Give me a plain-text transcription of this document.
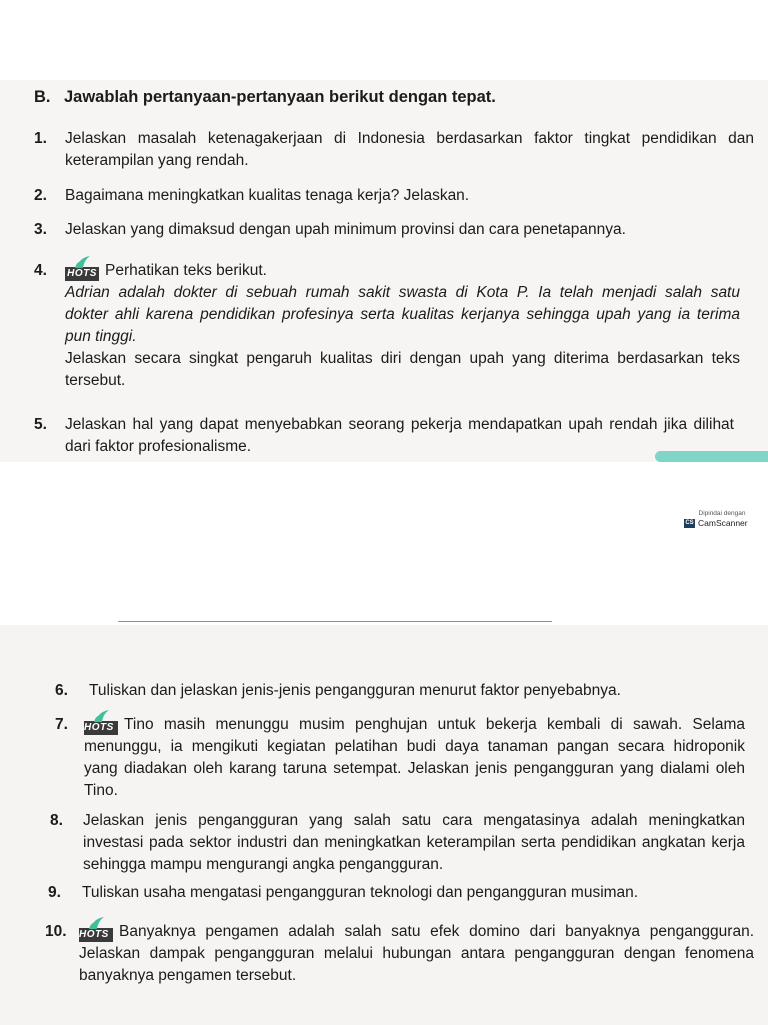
B. Jawablah pertanyaan-pertanyaan berikut dengan tepat.
1. Jelaskan masalah ketenagakerjaan di Indonesia berdasarkan faktor tingkat pendidikan dan
keterampilan yang rendah.
2. Bagaimana meningkatkan kualitas tenaga kerja? Jelaskan.
3. Jelaskan yang dimaksud dengan upah minimum provinsi dan cara penetapannya.
4. HOTS Perhatikan teks berikut.
Adrian adalah dokter di sebuah rumah sakit swasta di Kota P. Ia telah menjadi salah satu
dokter ahli karena pendidikan profesinya serta kualitas kerjanya sehingga upah yang ia terima
pun tinggi.
Jelaskan secara singkat pengaruh kualitas diri dengan upah yang diterima berdasarkan teks
tersebut.
5. Jelaskan hal yang dapat menyebabkan seorang pekerja mendapatkan upah rendah jika dilihat
dari faktor profesionalisme.
Dipindai dengan
CS CamScanner
6. Tuliskan dan jelaskan jenis-jenis pengangguran menurut faktor penyebabnya.
7. HOTS Tino masih menunggu musim penghujan untuk bekerja kembali di sawah. Selama
menunggu, ia mengikuti kegiatan pelatihan budi daya tanaman pangan secara hidroponik
yang diadakan oleh karang taruna setempat. Jelaskan jenis pengangguran yang dialami oleh
Tino.
8. Jelaskan jenis pengangguran yang salah satu cara mengatasinya adalah meningkatkan
investasi pada sektor industri dan meningkatkan keterampilan serta pendidikan angkatan kerja
sehingga mampu mengurangi angka pengangguran.
9. Tuliskan usaha mengatasi pengangguran teknologi dan pengangguran musiman.
10. HOTS Banyaknya pengamen adalah salah satu efek domino dari banyaknya pengangguran.
Jelaskan dampak pengangguran melalui hubungan antara pengangguran dengan fenomena
banyaknya pengamen tersebut.
